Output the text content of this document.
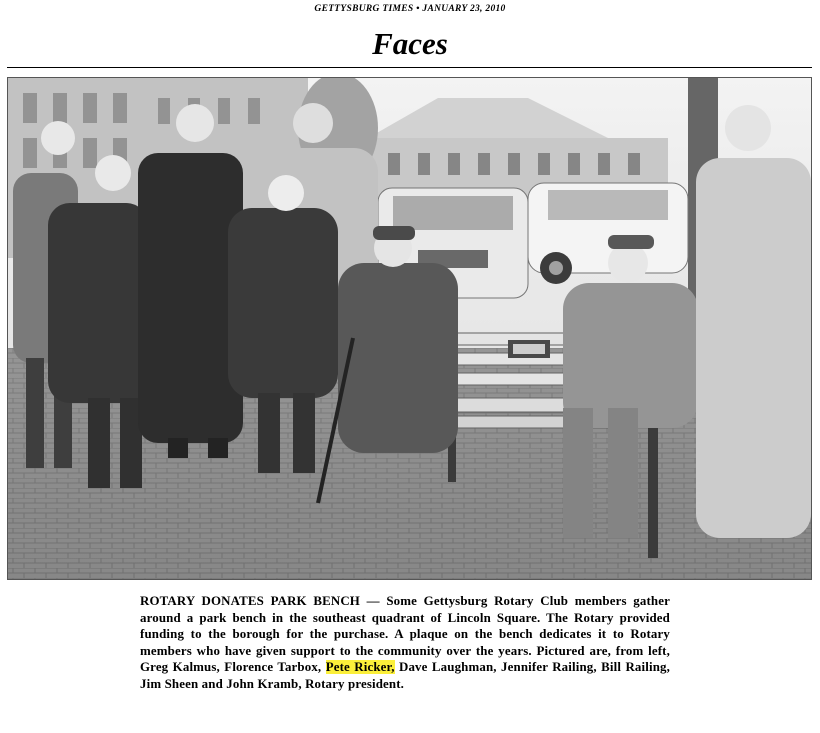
GETTYSBURG TIMES • JANUARY 23, 2010
Faces
ROTARY DONATES PARK BENCH — Some Gettysburg Rotary Club members gather around a park bench in the southeast quadrant of Lincoln Square. The Rotary provided funding to the borough for the purchase. A plaque on the bench dedicates it to Rotary members who have given support to the community over the years. Pictured are, from left, Greg Kalmus, Florence Tarbox, Pete Ricker, Dave Laughman, Jennifer Railing, Bill Railing, Jim Sheen and John Kramb, Rotary president.
